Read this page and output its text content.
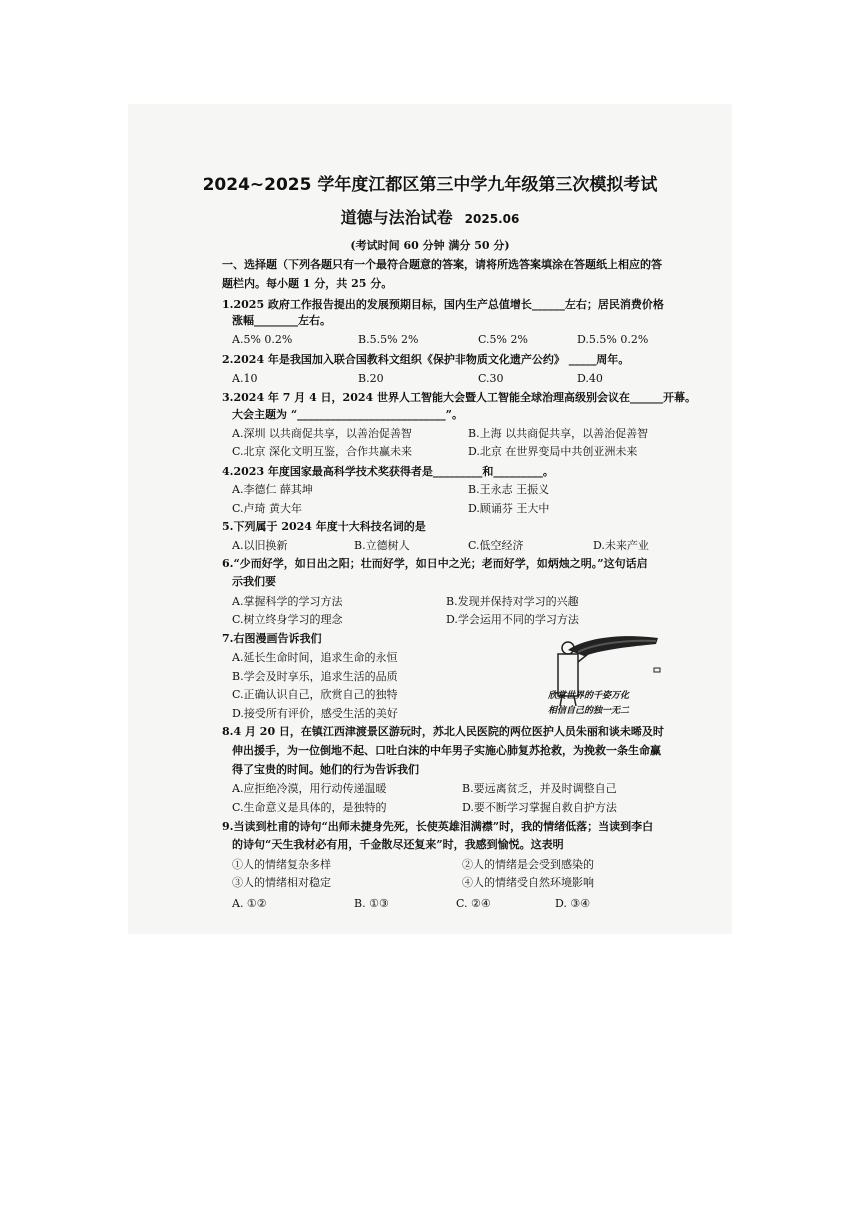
2024~2025 学年度江都区第三中学九年级第三次模拟考试
道德与法治试卷 2025.06
(考试时间 60 分钟 满分 50 分)
一、选择题（下列各题只有一个最符合题意的答案，请将所选答案填涂在答题纸上相应的答
题栏内。每小题 1 分，共 25 分。
1.2025 政府工作报告提出的发展预期目标，国内生产总值增长______左右；居民消费价格
涨幅________左右。
A.5% 0.2%	B.5.5% 2%	C.5% 2%	D.5.5% 0.2%
2.2024 年是我国加入联合国教科文组织《保护非物质文化遗产公约》 _____周年。
A.10	B.20	C.30	D.40
3.2024 年 7 月 4 日，2024 世界人工智能大会暨人工智能全球治理高级别会议在______开幕。
大会主题为 “___________________________”。
A.深圳 以共商促共享，以善治促善智	B.上海 以共商促共享，以善治促善智
C.北京 深化文明互鉴，合作共赢未来	D.北京 在世界变局中共创亚洲未来
4.2023 年度国家最高科学技术奖获得者是_________和_________。
A.李德仁 薛其坤	B.王永志 王振义
C.卢琦 黄大年	D.顾诵芬 王大中
5.下列属于 2024 年度十大科技名词的是
A.以旧换新	B.立德树人	C.低空经济	D.未来产业
6.“少而好学，如日出之阳；壮而好学，如日中之光；老而好学，如炳烛之明。”这句话启
示我们要
A.掌握科学的学习方法	B.发现并保持对学习的兴趣
C.树立终身学习的理念	D.学会运用不同的学习方法
7.右图漫画告诉我们
A.延长生命时间，追求生命的永恒
B.学会及时享乐，追求生活的品质
C.正确认识自己，欣赏自己的独特
D.接受所有评价，感受生活的美好
欣赏世界的千姿万化
相信自己的独一无二
8.4 月 20 日，在镇江西津渡景区游玩时，苏北人民医院的两位医护人员朱丽和谈未晞及时
伸出援手，为一位倒地不起、口吐白沫的中年男子实施心肺复苏抢救，为挽救一条生命赢
得了宝贵的时间。她们的行为告诉我们
A.应拒绝冷漠，用行动传递温暖	B.要远离贫乏，并及时调整自己
C.生命意义是具体的，是独特的	D.要不断学习掌握自救自护方法
9.当读到杜甫的诗句“出师未捷身先死，长使英雄泪满襟”时，我的情绪低落；当读到李白
的诗句“天生我材必有用，千金散尽还复来”时，我感到愉悦。这表明
①人的情绪复杂多样	②人的情绪是会受到感染的
③人的情绪相对稳定	④人的情绪受自然环境影响
A. ①②	B. ①③	C. ②④	D. ③④
